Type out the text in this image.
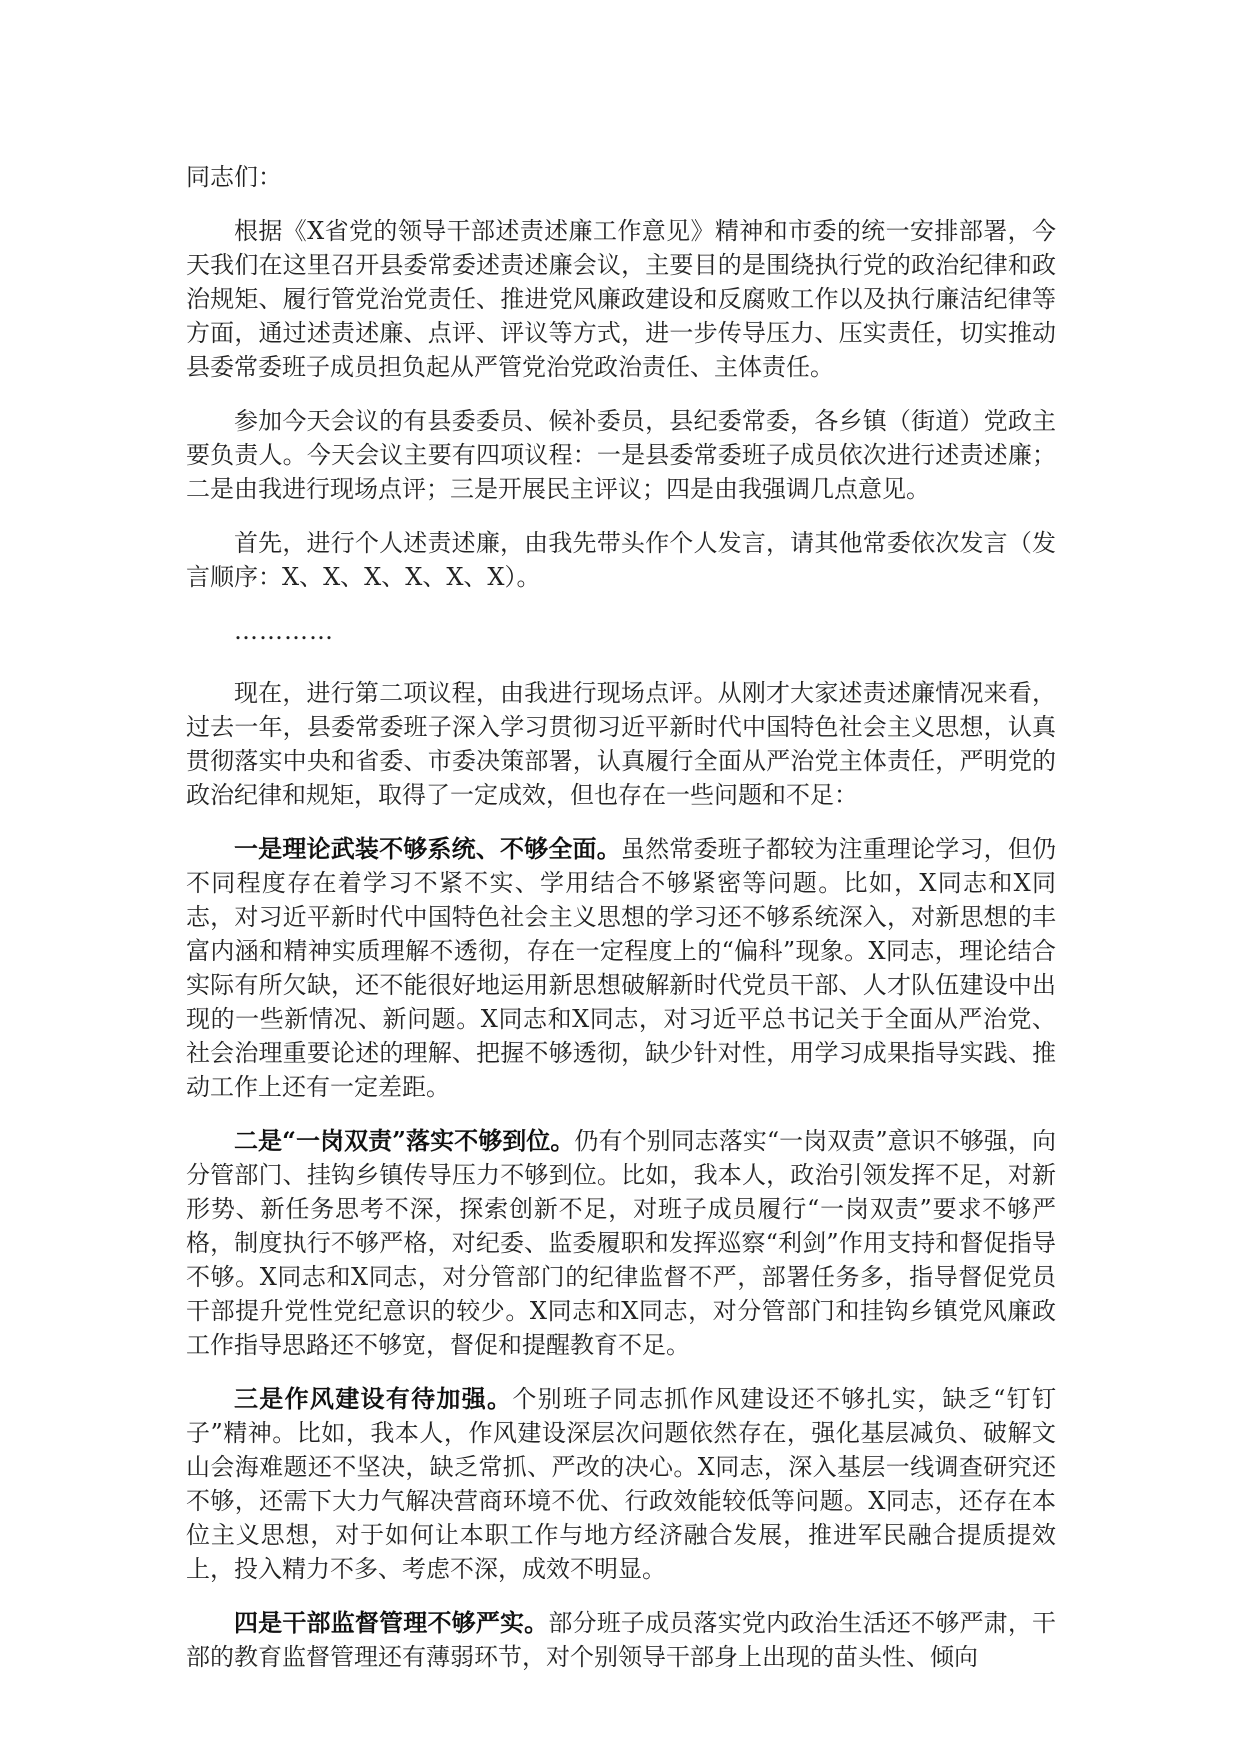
同志们：

根据《X省党的领导干部述责述廉工作意见》精神和市委的统一安排部署，今天我们在这里召开县委常委述责述廉会议，主要目的是围绕执行党的政治纪律和政治规矩、履行管党治党责任、推进党风廉政建设和反腐败工作以及执行廉洁纪律等方面，通过述责述廉、点评、评议等方式，进一步传导压力、压实责任，切实推动县委常委班子成员担负起从严管党治党政治责任、主体责任。

参加今天会议的有县委委员、候补委员，县纪委常委，各乡镇（街道）党政主要负责人。今天会议主要有四项议程：一是县委常委班子成员依次进行述责述廉；二是由我进行现场点评；三是开展民主评议；四是由我强调几点意见。

首先，进行个人述责述廉，由我先带头作个人发言，请其他常委依次发言（发言顺序：X、X、X、X、X、X）。

…………

现在，进行第二项议程，由我进行现场点评。从刚才大家述责述廉情况来看，过去一年，县委常委班子深入学习贯彻习近平新时代中国特色社会主义思想，认真贯彻落实中央和省委、市委决策部署，认真履行全面从严治党主体责任，严明党的政治纪律和规矩，取得了一定成效，但也存在一些问题和不足：

一是理论武装不够系统、不够全面。虽然常委班子都较为注重理论学习，但仍不同程度存在着学习不紧不实、学用结合不够紧密等问题。比如，X同志和X同志，对习近平新时代中国特色社会主义思想的学习还不够系统深入，对新思想的丰富内涵和精神实质理解不透彻，存在一定程度上的“偏科”现象。X同志，理论结合实际有所欠缺，还不能很好地运用新思想破解新时代党员干部、人才队伍建设中出现的一些新情况、新问题。X同志和X同志，对习近平总书记关于全面从严治党、社会治理重要论述的理解、把握不够透彻，缺少针对性，用学习成果指导实践、推动工作上还有一定差距。

二是“一岗双责”落实不够到位。仍有个别同志落实“一岗双责”意识不够强，向分管部门、挂钩乡镇传导压力不够到位。比如，我本人，政治引领发挥不足，对新形势、新任务思考不深，探索创新不足，对班子成员履行“一岗双责”要求不够严格，制度执行不够严格，对纪委、监委履职和发挥巡察“利剑”作用支持和督促指导不够。X同志和X同志，对分管部门的纪律监督不严，部署任务多，指导督促党员干部提升党性党纪意识的较少。X同志和X同志，对分管部门和挂钩乡镇党风廉政工作指导思路还不够宽，督促和提醒教育不足。

三是作风建设有待加强。个别班子同志抓作风建设还不够扎实，缺乏“钉钉子”精神。比如，我本人，作风建设深层次问题依然存在，强化基层减负、破解文山会海难题还不坚决，缺乏常抓、严改的决心。X同志，深入基层一线调查研究还不够，还需下大力气解决营商环境不优、行政效能较低等问题。X同志，还存在本位主义思想，对于如何让本职工作与地方经济融合发展，推进军民融合提质提效上，投入精力不多、考虑不深，成效不明显。

四是干部监督管理不够严实。部分班子成员落实党内政治生活还不够严肃，干部的教育监督管理还有薄弱环节，对个别领导干部身上出现的苗头性、倾向
